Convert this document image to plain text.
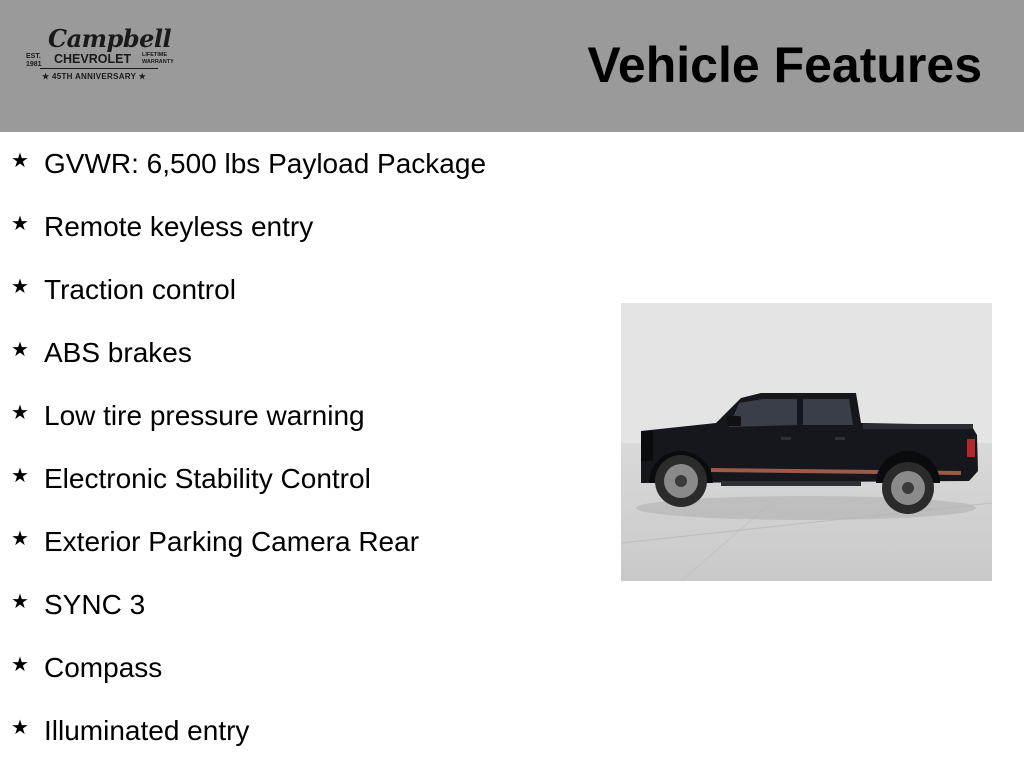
Campbell
EST.
1981 CHEVROLET LIFETIME
WARRANTY
★ 45TH ANNIVERSARY ★	Vehicle Features
★ GVWR: 6,500 lbs Payload Package
★ Remote keyless entry
★ Traction control
★ ABS brakes
★ Low tire pressure warning
★ Electronic Stability Control
★ Exterior Parking Camera Rear
★ SYNC 3
★ Compass
★ Illuminated entry
